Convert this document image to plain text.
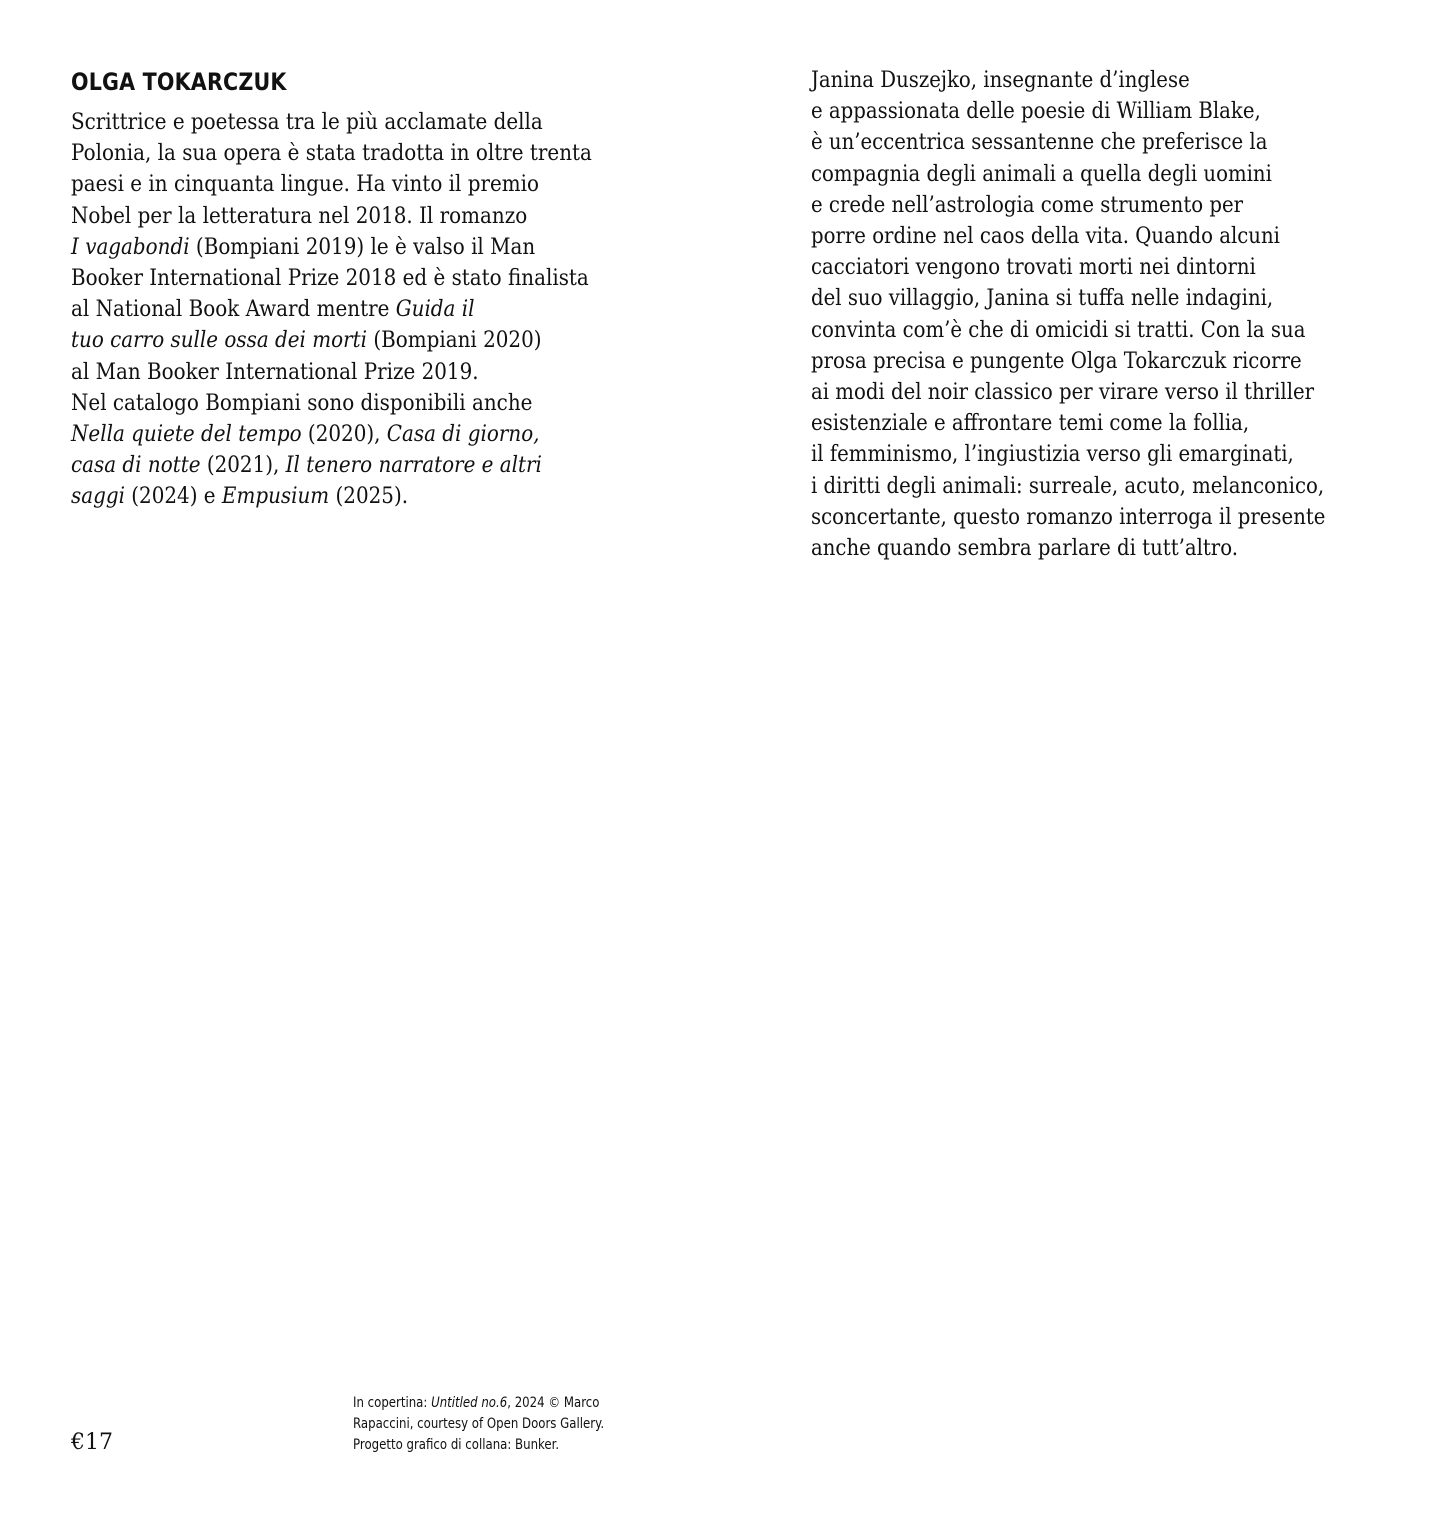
OLGA TOKARCZUK

Scrittrice e poetessa tra le più acclamate della
Polonia, la sua opera è stata tradotta in oltre trenta
paesi e in cinquanta lingue. Ha vinto il premio
Nobel per la letteratura nel 2018. Il romanzo
I vagabondi (Bompiani 2019) le è valso il Man
Booker International Prize 2018 ed è stato finalista
al National Book Award mentre Guida il
tuo carro sulle ossa dei morti (Bompiani 2020)
al Man Booker International Prize 2019.
Nel catalogo Bompiani sono disponibili anche
Nella quiete del tempo (2020), Casa di giorno,
casa di notte (2021), Il tenero narratore e altri
saggi (2024) e Empusium (2025).

Janina Duszejko, insegnante d’inglese
e appassionata delle poesie di William Blake,
è un’eccentrica sessantenne che preferisce la
compagnia degli animali a quella degli uomini
e crede nell’astrologia come strumento per
porre ordine nel caos della vita. Quando alcuni
cacciatori vengono trovati morti nei dintorni
del suo villaggio, Janina si tuffa nelle indagini,
convinta com’è che di omicidi si tratti. Con la sua
prosa precisa e pungente Olga Tokarczuk ricorre
ai modi del noir classico per virare verso il thriller
esistenziale e affrontare temi come la follia,
il femminismo, l’ingiustizia verso gli emarginati,
i diritti degli animali: surreale, acuto, melanconico,
sconcertante, questo romanzo interroga il presente
anche quando sembra parlare di tutt’altro.

€17
In copertina: Untitled no.6, 2024 © Marco
Rapaccini, courtesy of Open Doors Gallery.
Progetto grafico di collana: Bunker.
